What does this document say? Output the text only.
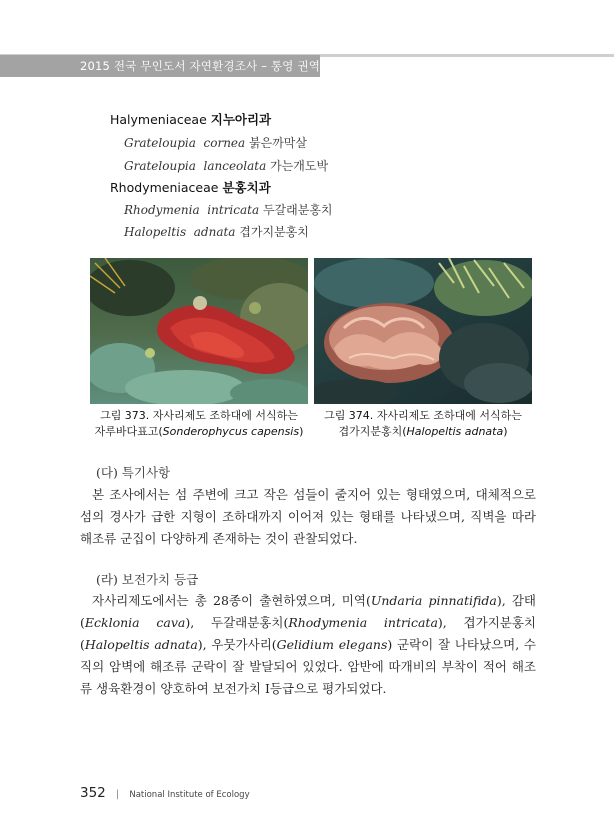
2015 전국 무인도서 자연환경조사 – 통영 권역
Halymeniaceae 지누아리과
Grateloupia cornea 붉은까막살
Grateloupia lanceolata 가는개도박
Rhodymeniaceae 분홍치과
Rhodymenia intricata 두갈래분홍치
Halopeltis adnata 겹가지분홍치
그림 373. 자사리제도 조하대에 서식하는
자루바다표고(Sonderophycus capensis)
그림 374. 자사리제도 조하대에 서식하는
겹가지분홍치(Halopeltis adnata)
(다) 특기사항
본 조사에서는 섬 주변에 크고 작은 섬들이 줄지어 있는 형태였으며, 대체적으로 섬의 경사가 급한 지형이 조하대까지 이어져 있는 형태를 나타냈으며, 직벽을 따라 해조류 군집이 다양하게 존재하는 것이 관찰되었다.
(라) 보전가치 등급
자사리제도에서는 총 28종이 출현하였으며, 미역(Undaria pinnatifida), 감태(Ecklonia cava), 두갈래분홍치(Rhodymenia intricata), 겹가지분홍치(Halopeltis adnata), 우뭇가사리(Gelidium elegans) 군락이 잘 나타났으며, 수직의 암벽에 해조류 군락이 잘 발달되어 있었다. 암반에 따개비의 부착이 적어 해조류 생육환경이 양호하여 보전가치 Ⅰ등급으로 평가되었다.
352 | National Institute of Ecology
